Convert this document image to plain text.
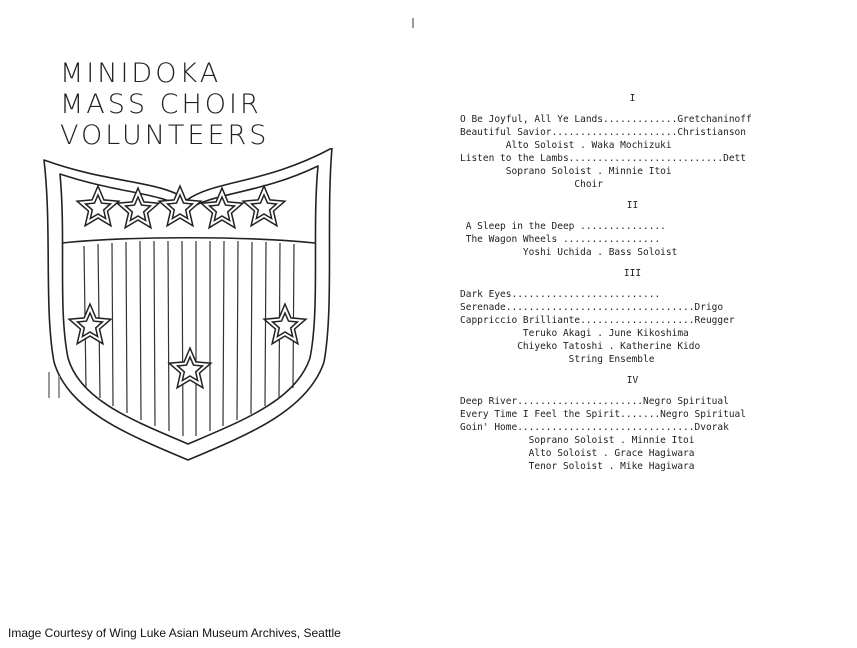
MINIDOKA
MASS CHOIR
VOLUNTEERS
I
O Be Joyful, All Ye Lands.............Gretchaninoff
Beautiful Savior......................Christianson
Alto Soloist . Waka Mochizuki
Listen to the Lambs...........................Dett
Soprano Soloist . Minnie Itoi
Choir
II
A Sleep in the Deep ...............
The Wagon Wheels .................
Yoshi Uchida . Bass Soloist
III
Dark Eyes..........................
Serenade.................................Drigo
Cappriccio Brilliante....................Reugger
Teruko Akagi . June Kikoshima
Chiyeko Tatoshi . Katherine Kido
String Ensemble
IV
Deep River......................Negro Spiritual
Every Time I Feel the Spirit.......Negro Spiritual
Goin' Home...............................Dvorak
Soprano Soloist . Minnie Itoi
Alto Soloist . Grace Hagiwara
Tenor Soloist . Mike Hagiwara
Image Courtesy of Wing Luke Asian Museum Archives, Seattle
